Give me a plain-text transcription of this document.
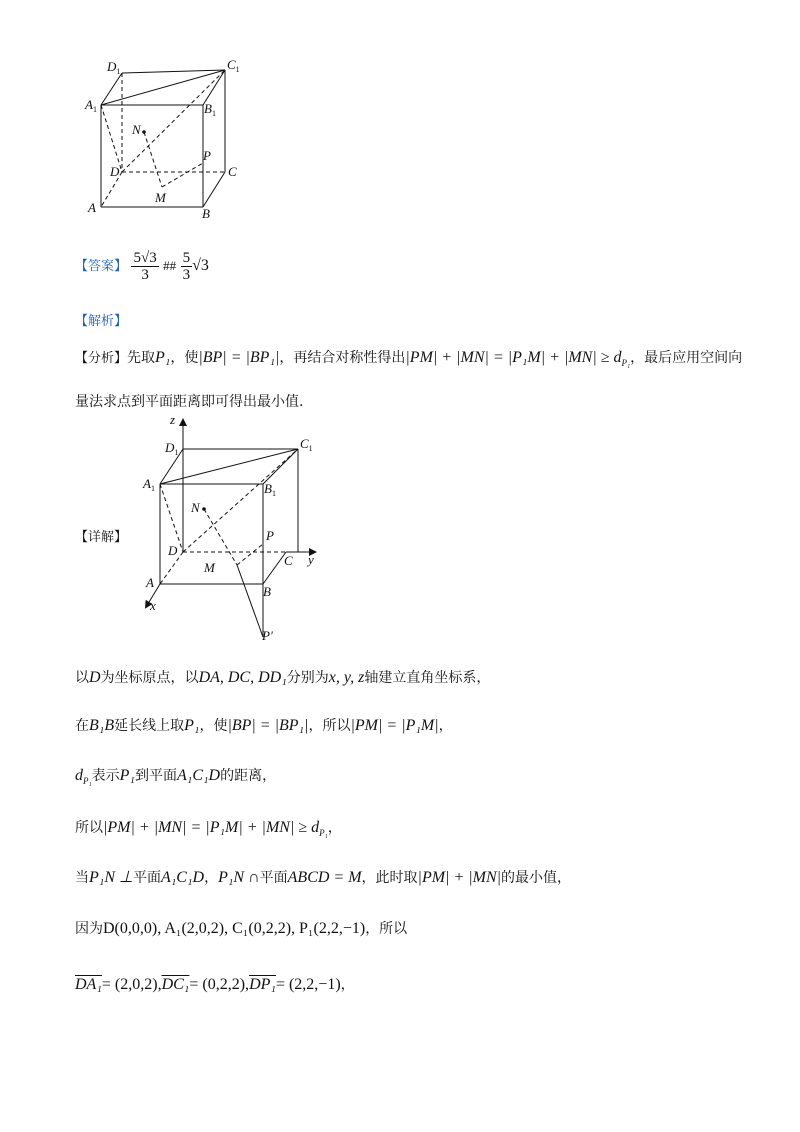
$D_1$	$C_1$
$A_1$	$B_1$
N
P
D	C
M
A	B
【答案】 $\frac{5√3}{3}$ ## $\frac{5}{3} √3$
【解析】
【分析】先取P₁，使|BP| = |BP₁|，再结合对称性得出$|PM| + |MN| = |P_1M| + |MN| \ge d_{P_1}$，最后应用空间向
量法求点到平面距离即可得出最小值.
z
y
x
$D_1$
$C_1$
$A_1$	$B_1$
N
P
D
C
M
A
B
P′
【详解】
以D为坐标原点，以DA, DC, DD₁分别为x, y, z轴建立直角坐标系，
在B₁B延长线上取P₁，使|BP| = |BP₁|，所以|PM| = |P₁M|，
$d_{P_1}$表示P₁到平面A₁C₁D的距离，
所以$|PM| + |MN| = |P_1M| + |MN| \ge d_{P_1}$，
当P₁N ⊥平面A₁C₁D，P₁N ∩平面ABCD = M，此时取|PM| + |MN|的最小值，
因为D(0,0,0), A₁(2,0,2), C₁(0,2,2), P₁(2,2,−1)，所以
DA₁= (2,0,2),DC₁= (0,2,2),DP₁= (2,2,−1)，
